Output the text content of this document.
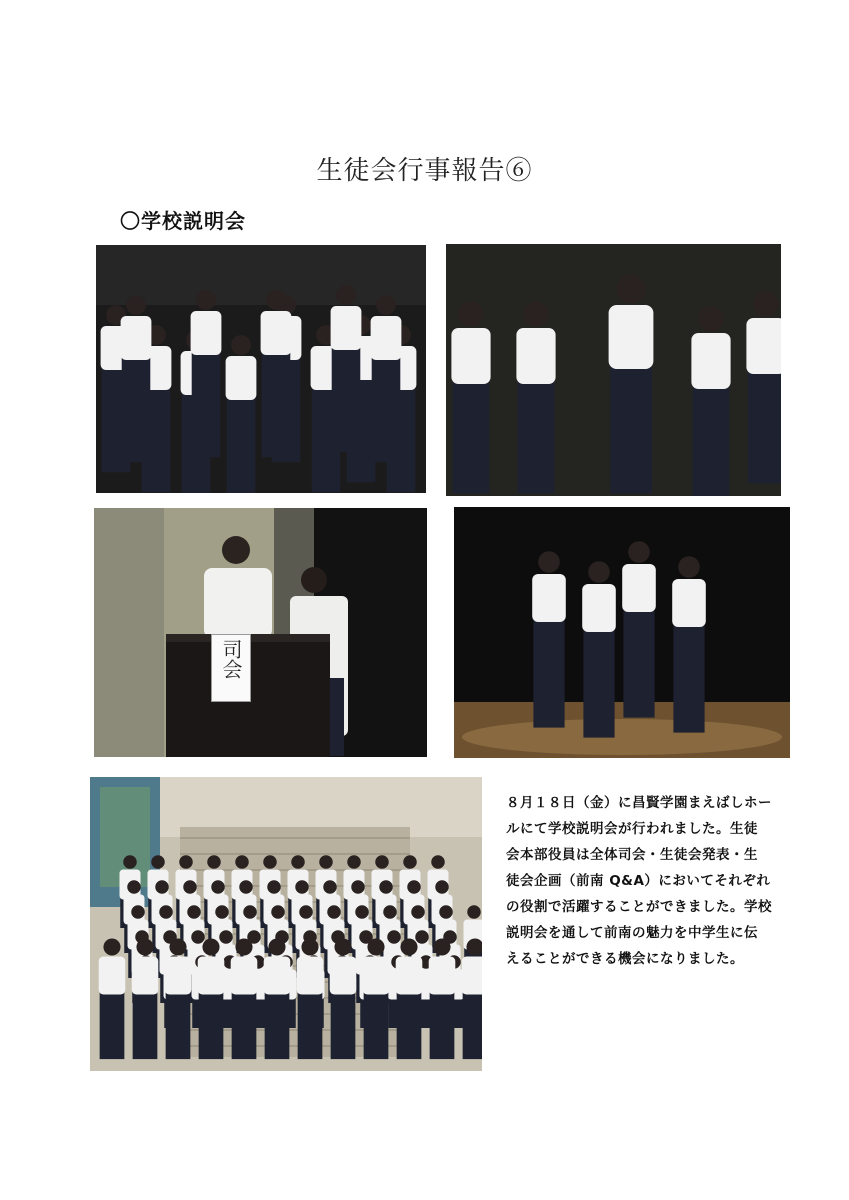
生徒会行事報告⑥
〇学校説明会
司会
８月１８日（金）に昌賢学園まえばしホー
ルにて学校説明会が行われました。生徒
会本部役員は全体司会・生徒会発表・生
徒会企画（前南 Q&A）においてそれぞれ
の役割で活躍することができました。学校
説明会を通して前南の魅力を中学生に伝
えることができる機会になりました。
